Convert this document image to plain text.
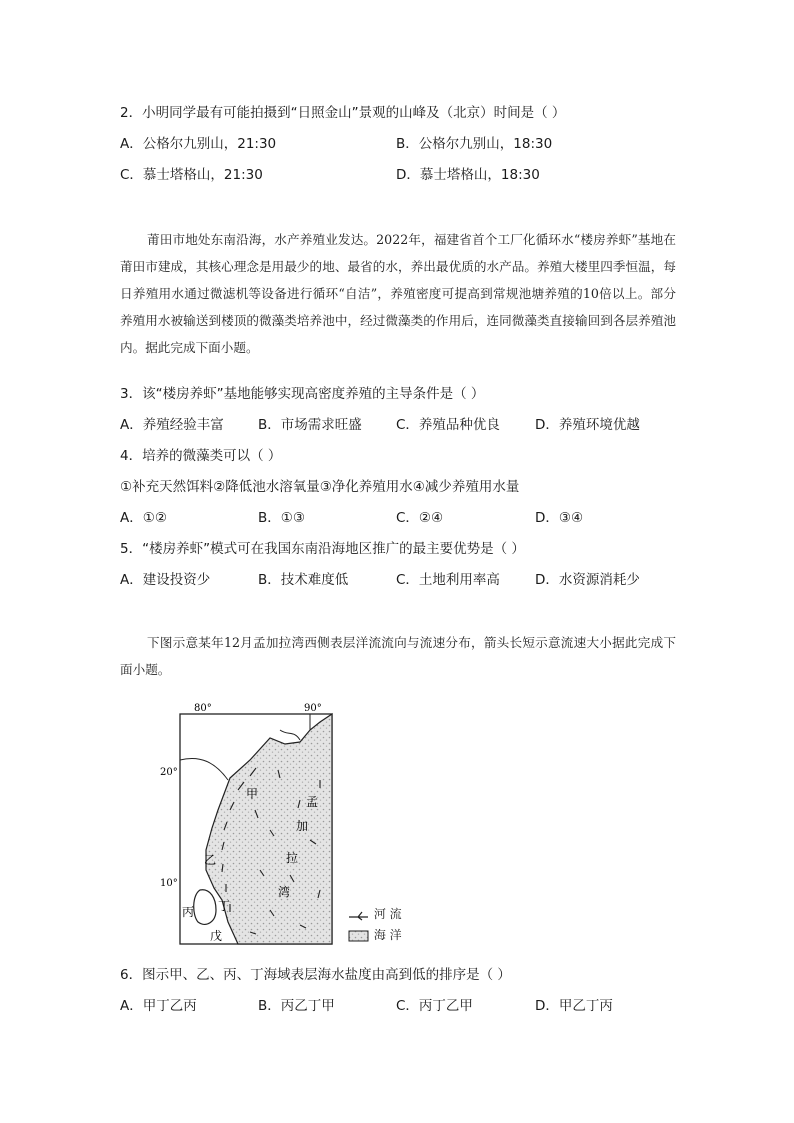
2．小明同学最有可能拍摄到“日照金山”景观的山峰及（北京）时间是（ ）
A．公格尔九别山，21:30	B．公格尔九别山，18:30
C．慕士塔格山，21:30	D．慕士塔格山，18:30
莆田市地处东南沿海，水产养殖业发达。2022年，福建省首个工厂化循环水“楼房养虾”基地在莆田市建成，其核心理念是用最少的地、最省的水，养出最优质的水产品。养殖大楼里四季恒温，每日养殖用水通过微滤机等设备进行循环“自洁”，养殖密度可提高到常规池塘养殖的10倍以上。部分养殖用水被输送到楼顶的微藻类培养池中，经过微藻类的作用后，连同微藻类直接输回到各层养殖池内。据此完成下面小题。
3．该“楼房养虾”基地能够实现高密度养殖的主导条件是（ ）
A．养殖经验丰富	B．市场需求旺盛	C．养殖品种优良	D．养殖环境优越
4．培养的微藻类可以（ ）
①补充天然饵料②降低池水溶氧量③净化养殖用水④减少养殖用水量
A．①②	B．①③	C．②④	D．③④
5．“楼房养虾”模式可在我国东南沿海地区推广的最主要优势是（ ）
A．建设投资少	B．技术难度低	C．土地利用率高	D．水资源消耗少
下图示意某年12月孟加拉湾西侧表层洋流流向与流速分布，箭头长短示意流速大小据此完成下面小题。
80°	90°
20°
10°
甲
乙
丙 丁
戊
孟
加
拉
湾
河 流
海 洋
6．图示甲、乙、丙、丁海域表层海水盐度由高到低的排序是（ ）
A．甲丁乙丙	B．丙乙丁甲	C．丙丁乙甲	D．甲乙丁丙
